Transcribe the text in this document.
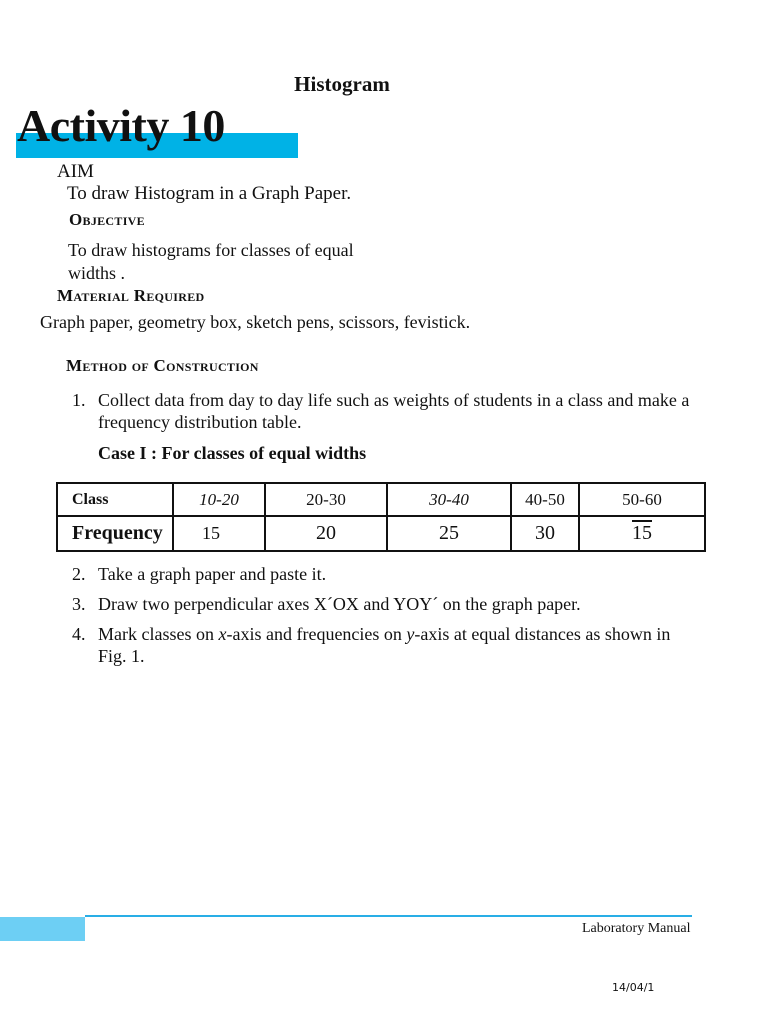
Histogram
Activity 10
AIM
To draw Histogram in a Graph Paper.
Objective
To draw histograms for classes of equal widths .
Material Required
Graph paper, geometry box, sketch pens, scissors, fevistick.
Method of Construction
1. Collect data from day to day life such as weights of students in a class and make a frequency distribution table.
Case I : For classes of equal widths
Class	10-20	20-30	30-40	40-50	50-60
Frequency	15	20	25	30	15
2. Take a graph paper and paste it.
3. Draw two perpendicular axes X´OX and YOY´ on the graph paper.
4. Mark classes on x-axis and frequencies on y-axis at equal distances as shown in Fig. 1.
Laboratory Manual
14/04/1
